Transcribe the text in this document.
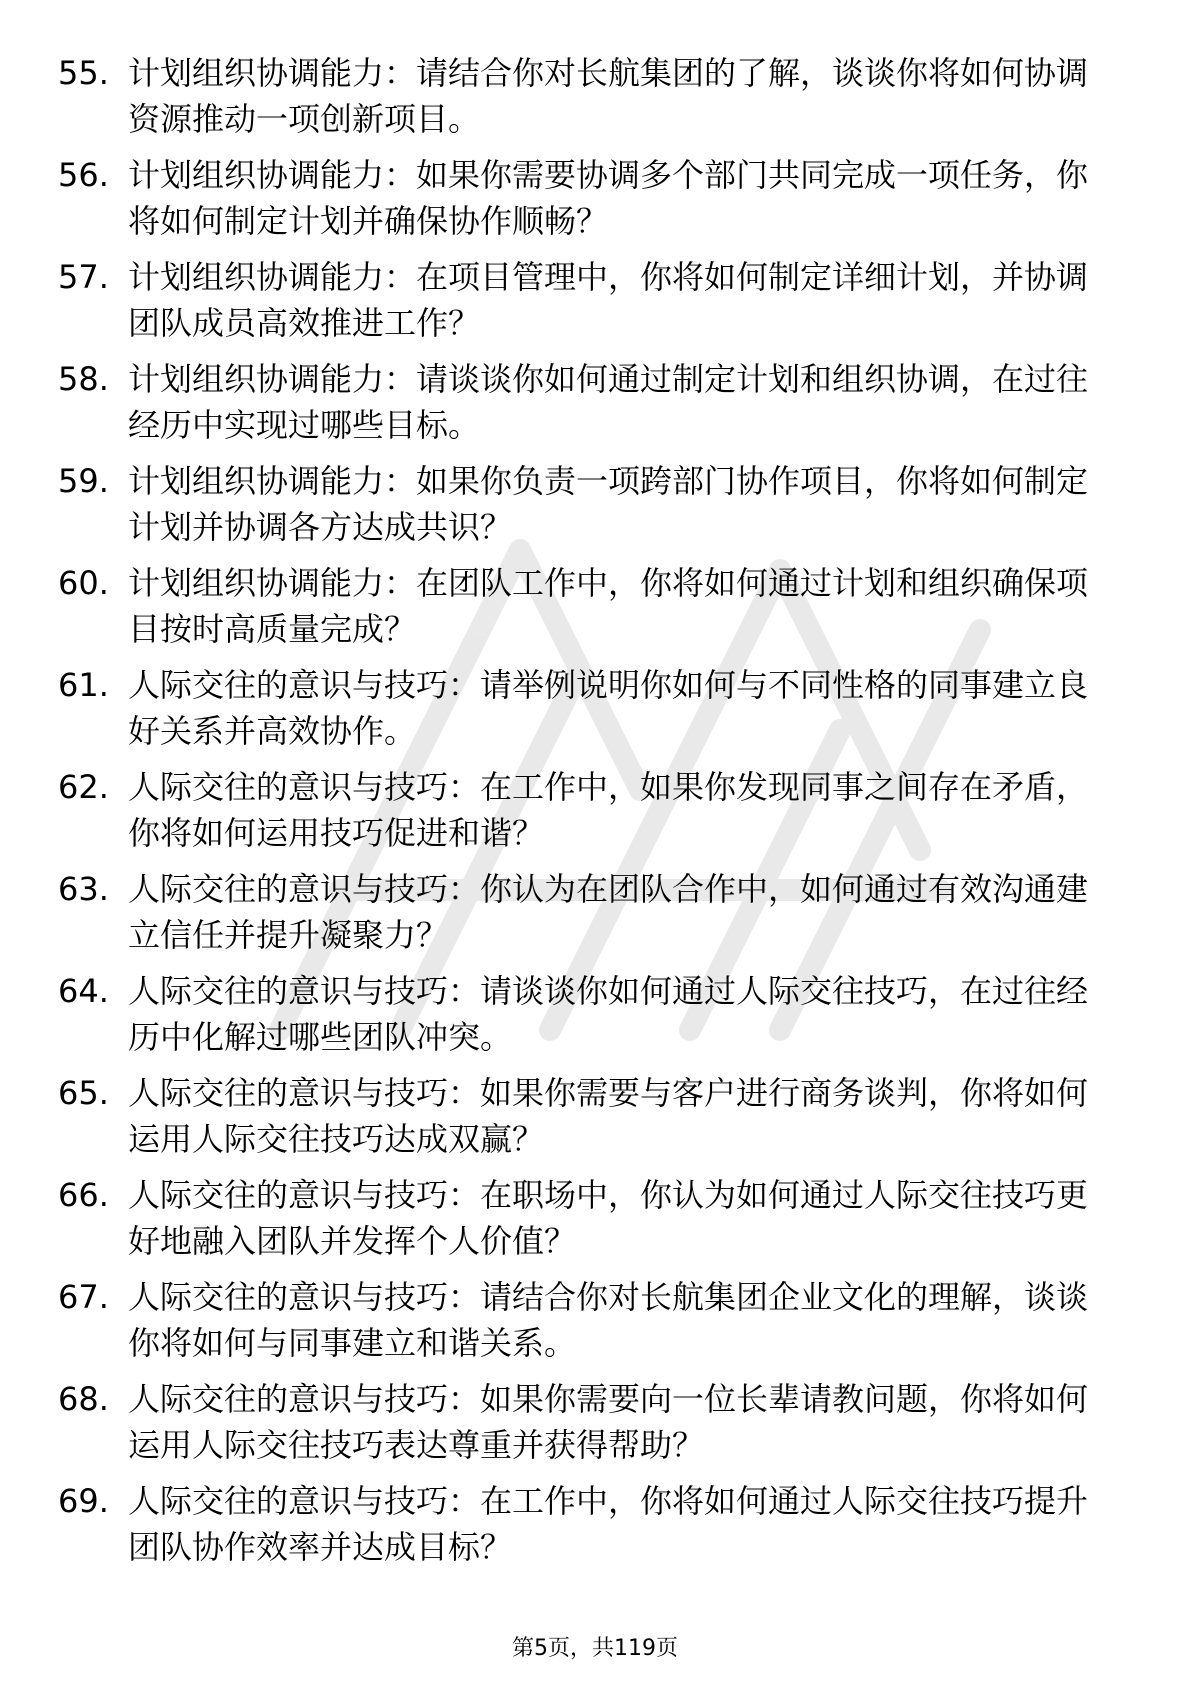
55. 计划组织协调能力：请结合你对长航集团的了解，谈谈你将如何协调资源推动一项创新项目。
56. 计划组织协调能力：如果你需要协调多个部门共同完成一项任务，你将如何制定计划并确保协作顺畅？
57. 计划组织协调能力：在项目管理中，你将如何制定详细计划，并协调团队成员高效推进工作？
58. 计划组织协调能力：请谈谈你如何通过制定计划和组织协调，在过往经历中实现过哪些目标。
59. 计划组织协调能力：如果你负责一项跨部门协作项目，你将如何制定计划并协调各方达成共识？
60. 计划组织协调能力：在团队工作中，你将如何通过计划和组织确保项目按时高质量完成？
61. 人际交往的意识与技巧：请举例说明你如何与不同性格的同事建立良好关系并高效协作。
62. 人际交往的意识与技巧：在工作中，如果你发现同事之间存在矛盾，你将如何运用技巧促进和谐？
63. 人际交往的意识与技巧：你认为在团队合作中，如何通过有效沟通建立信任并提升凝聚力？
64. 人际交往的意识与技巧：请谈谈你如何通过人际交往技巧，在过往经历中化解过哪些团队冲突。
65. 人际交往的意识与技巧：如果你需要与客户进行商务谈判，你将如何运用人际交往技巧达成双赢？
66. 人际交往的意识与技巧：在职场中，你认为如何通过人际交往技巧更好地融入团队并发挥个人价值？
67. 人际交往的意识与技巧：请结合你对长航集团企业文化的理解，谈谈你将如何与同事建立和谐关系。
68. 人际交往的意识与技巧：如果你需要向一位长辈请教问题，你将如何运用人际交往技巧表达尊重并获得帮助？
69. 人际交往的意识与技巧：在工作中，你将如何通过人际交往技巧提升团队协作效率并达成目标？
第5页，共119页
